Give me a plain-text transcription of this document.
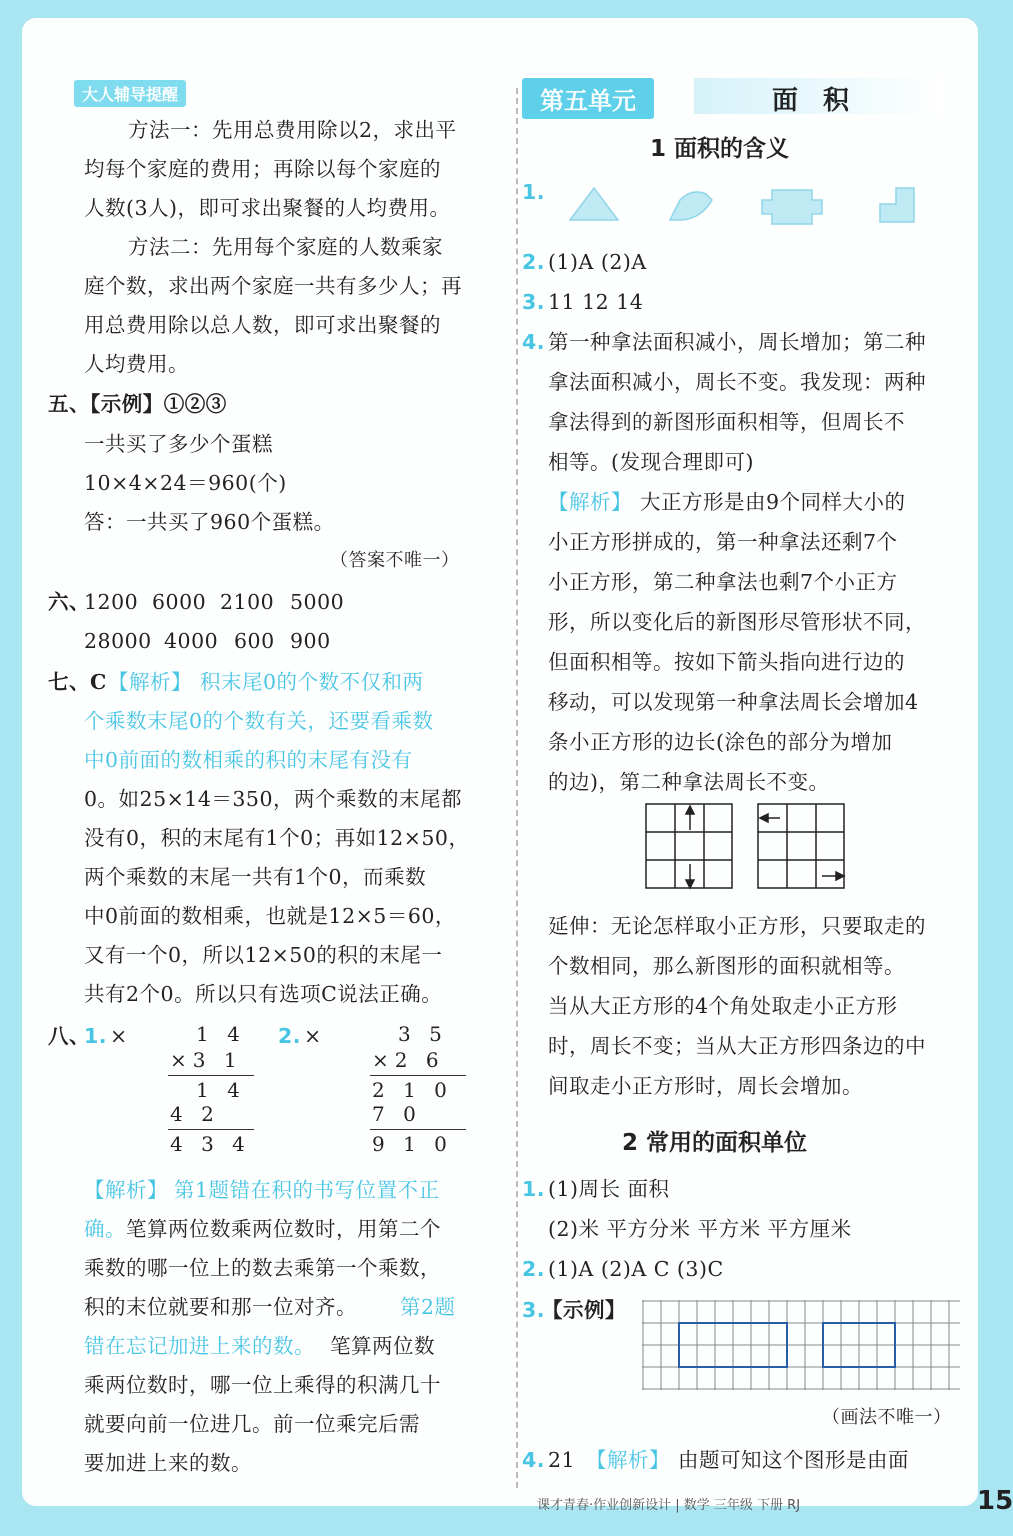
大人辅导提醒
方法一：先用总费用除以2，求出平
均每个家庭的费用；再除以每个家庭的
人数(3人)，即可求出聚餐的人均费用。
方法二：先用每个家庭的人数乘家
庭个数，求出两个家庭一共有多少人；再
用总费用除以总人数，即可求出聚餐的
人均费用。
五、【示例】①②③
一共买了多少个蛋糕
10×4×24＝960(个)
答：一共买了960个蛋糕。
（答案不唯一）
六、
1200 6000 2100 5000
28000 4000 600 900
七、C 【解析】 积末尾0的个数不仅和两
个乘数末尾0的个数有关，还要看乘数
中0前面的数相乘的积的末尾有没有
0。如25×14＝350，两个乘数的末尾都
没有0，积的末尾有1个0；再如12×50，
两个乘数的末尾一共有1个0，而乘数
中0前面的数相乘，也就是12×5＝60，
又有一个0，所以12×50的积的末尾一
共有2个0。所以只有选项C说法正确。
八、
1. ×	1 4
×3 1
1 4
4 2
4 3 4
2. ×	3 5
×2 6
2 1 0
7 0
9 1 0
【解析】 第1题错在积的书写位置不正
确。 笔算两位数乘两位数时，用第二个
乘数的哪一位上的数去乘第一个乘数，
积的末位就要和那一位对齐。 第2题
错在忘记加进上来的数。 笔算两位数
乘两位数时，哪一位上乘得的积满几十
就要向前一位进几。前一位乘完后需
要加进上来的数。
第五单元	面 积
1 面积的含义
1.
2. (1)A (2)A
3. 11 12 14
4. 第一种拿法面积减小，周长增加；第二种
拿法面积减小，周长不变。我发现：两种
拿法得到的新图形面积相等，但周长不
相等。(发现合理即可)
【解析】 大正方形是由9个同样大小的
小正方形拼成的，第一种拿法还剩7个
小正方形，第二种拿法也剩7个小正方
形，所以变化后的新图形尽管形状不同，
但面积相等。按如下箭头指向进行边的
移动，可以发现第一种拿法周长会增加4
条小正方形的边长(涂色的部分为增加
的边)，第二种拿法周长不变。
延伸：无论怎样取小正方形，只要取走的
个数相同，那么新图形的面积就相等。
当从大正方形的4个角处取走小正方形
时，周长不变；当从大正方形四条边的中
间取走小正方形时，周长会增加。
2 常用的面积单位
1. (1)周长 面积
(2)米 平方分米 平方米 平方厘米
2. (1)A (2)A C (3)C
3.
【示例】
（画法不唯一）
4. 21 【解析】 由题可知这个图形是由面
课才青春·作业创新设计 | 数学 三年级 下册 RJ	15
